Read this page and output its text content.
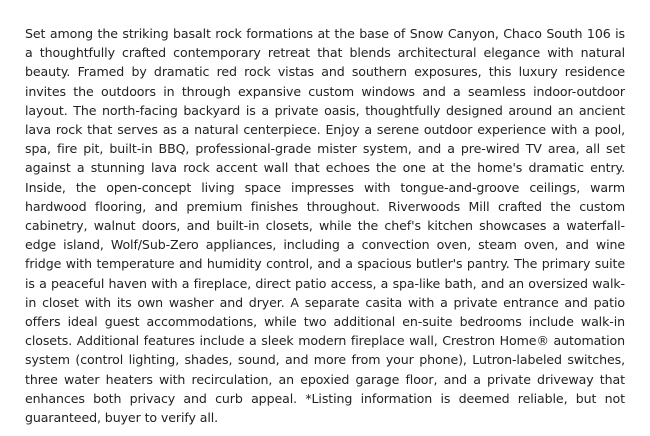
Set among the striking basalt rock formations at the base of Snow Canyon, Chaco South 106 is a thoughtfully crafted contemporary retreat that blends architectural elegance with natural beauty. Framed by dramatic red rock vistas and southern exposures, this luxury residence invites the outdoors in through expansive custom windows and a seamless indoor-outdoor layout. The north-facing backyard is a private oasis, thoughtfully designed around an ancient lava rock that serves as a natural centerpiece. Enjoy a serene outdoor experience with a pool, spa, fire pit, built-in BBQ, professional-grade mister system, and a pre-wired TV area, all set against a stunning lava rock accent wall that echoes the one at the home's dramatic entry. Inside, the open-concept living space impresses with tongue-and-groove ceilings, warm hardwood flooring, and premium finishes throughout. Riverwoods Mill crafted the custom cabinetry, walnut doors, and built-in closets, while the chef's kitchen showcases a waterfall-edge island, Wolf/Sub-Zero appliances, including a convection oven, steam oven, and wine fridge with temperature and humidity control, and a spacious butler's pantry. The primary suite is a peaceful haven with a fireplace, direct patio access, a spa-like bath, and an oversized walk-in closet with its own washer and dryer. A separate casita with a private entrance and patio offers ideal guest accommodations, while two additional en-suite bedrooms include walk-in closets. Additional features include a sleek modern fireplace wall, Crestron Home® automation system (control lighting, shades, sound, and more from your phone), Lutron-labeled switches, three water heaters with recirculation, an epoxied garage floor, and a private driveway that enhances both privacy and curb appeal. *Listing information is deemed reliable, but not guaranteed, buyer to verify all.
